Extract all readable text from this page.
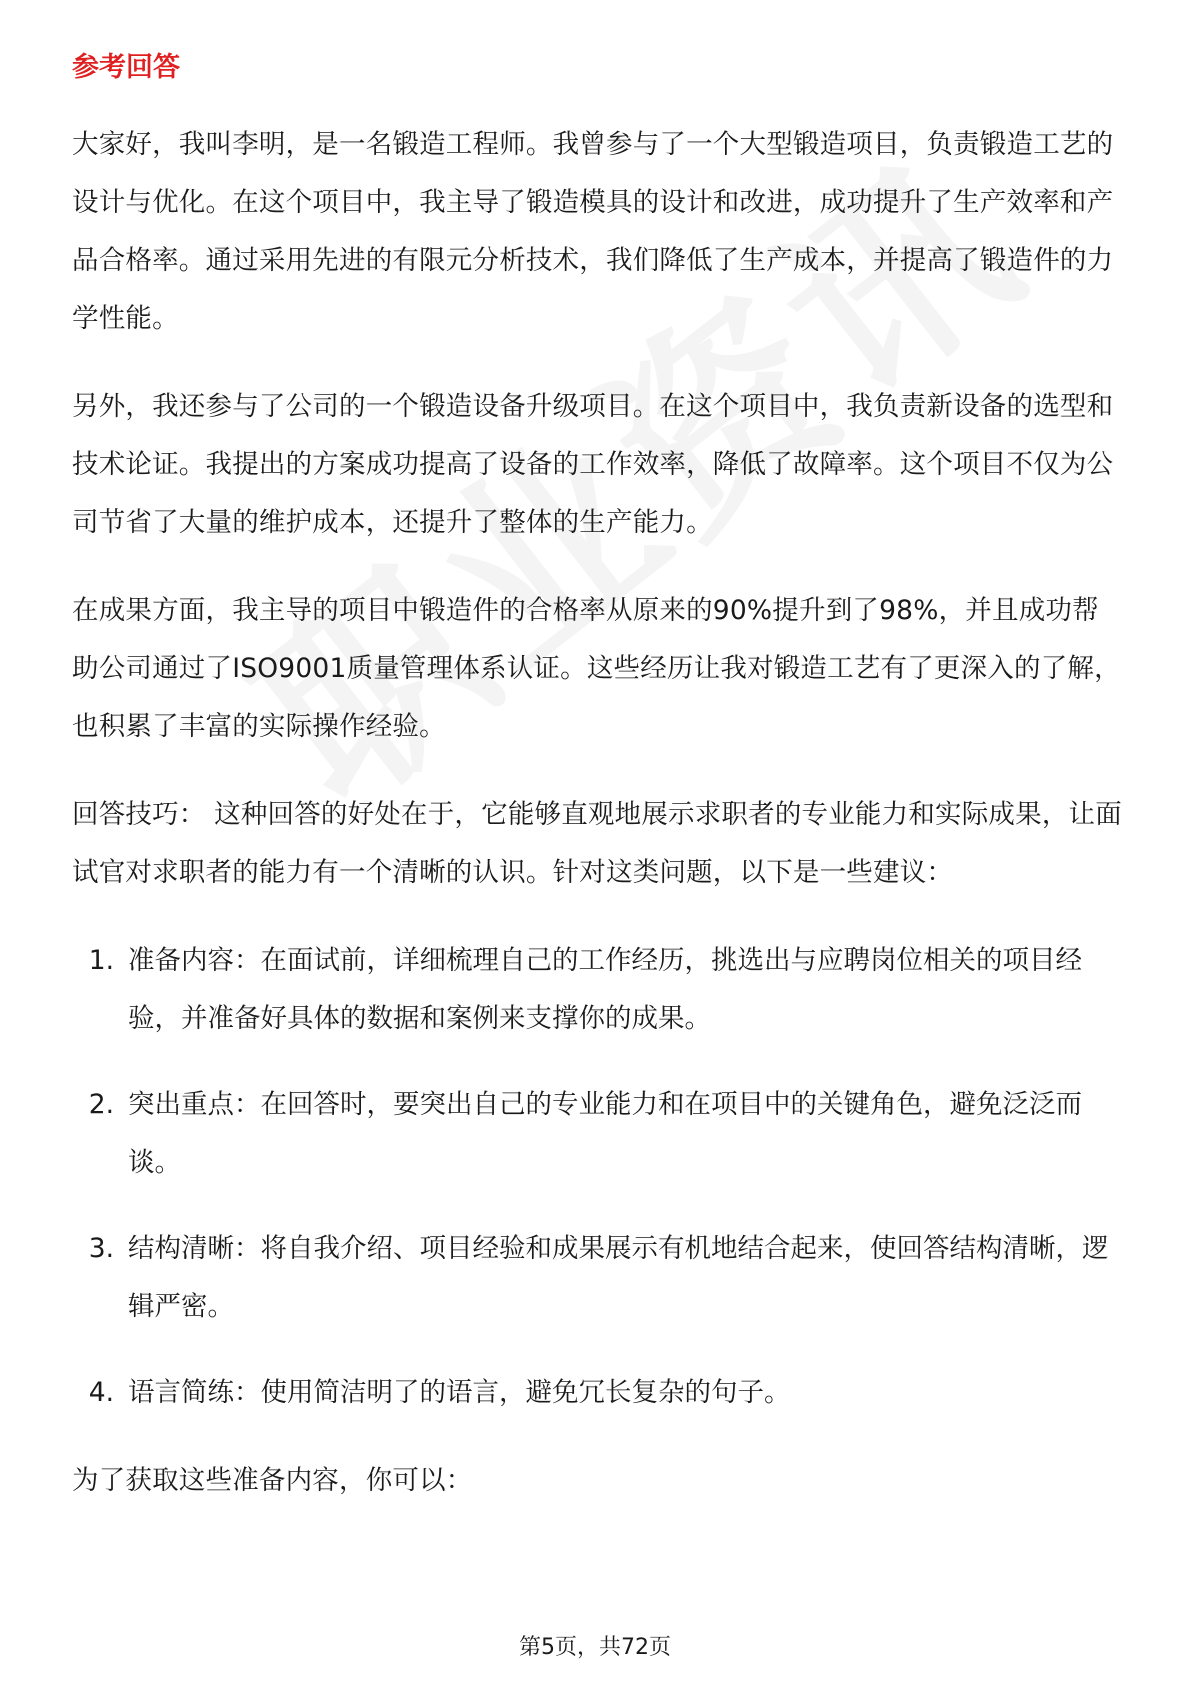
参考回答
大家好，我叫李明，是一名锻造工程师。我曾参与了一个大型锻造项目，负责锻造工艺的设计与优化。在这个项目中，我主导了锻造模具的设计和改进，成功提升了生产效率和产品合格率。通过采用先进的有限元分析技术，我们降低了生产成本，并提高了锻造件的力学性能。
另外，我还参与了公司的一个锻造设备升级项目。在这个项目中，我负责新设备的选型和技术论证。我提出的方案成功提高了设备的工作效率，降低了故障率。这个项目不仅为公司节省了大量的维护成本，还提升了整体的生产能力。
在成果方面，我主导的项目中锻造件的合格率从原来的90%提升到了98%，并且成功帮助公司通过了ISO9001质量管理体系认证。这些经历让我对锻造工艺有了更深入的了解，也积累了丰富的实际操作经验。
回答技巧： 这种回答的好处在于，它能够直观地展示求职者的专业能力和实际成果，让面试官对求职者的能力有一个清晰的认识。针对这类问题，以下是一些建议：
1. 准备内容：在面试前，详细梳理自己的工作经历，挑选出与应聘岗位相关的项目经验，并准备好具体的数据和案例来支撑你的成果。
2. 突出重点：在回答时，要突出自己的专业能力和在项目中的关键角色，避免泛泛而谈。
3. 结构清晰：将自我介绍、项目经验和成果展示有机地结合起来，使回答结构清晰，逻辑严密。
4. 语言简练：使用简洁明了的语言，避免冗长复杂的句子。
为了获取这些准备内容，你可以：
第5页，共72页
